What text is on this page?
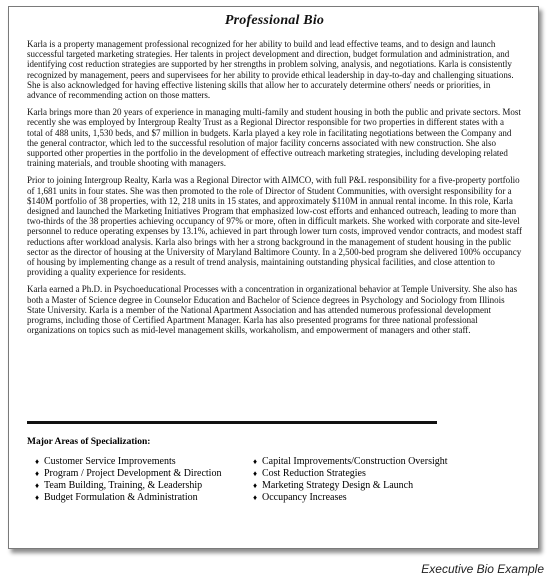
Professional Bio

Karla is a property management professional recognized for her ability to build and lead effective teams, and to design and launch successful targeted marketing strategies. Her talents in project development and direction, budget formulation and administration, and identifying cost reduction strategies are supported by her strengths in problem solving, analysis, and negotiations. Karla is consistently recognized by management, peers and supervisees for her ability to provide ethical leadership in day-to-day and challenging situations. She is also acknowledged for having effective listening skills that allow her to accurately determine others' needs or priorities, in advance of recommending action on those matters.

Karla brings more than 20 years of experience in managing multi-family and student housing in both the public and private sectors. Most recently she was employed by Intergroup Realty Trust as a Regional Director responsible for two properties in different states with a total of 488 units, 1,530 beds, and $7 million in budgets. Karla played a key role in facilitating negotiations between the Company and the general contractor, which led to the successful resolution of major facility concerns associated with new construction. She also supported other properties in the portfolio in the development of effective outreach marketing strategies, including developing related training materials, and trouble shooting with managers.

Prior to joining Intergroup Realty, Karla was a Regional Director with AIMCO, with full P&L responsibility for a five-property portfolio of 1,681 units in four states. She was then promoted to the role of Director of Student Communities, with oversight responsibility for a $140M portfolio of 38 properties, with 12, 218 units in 15 states, and approximately $110M in annual rental income. In this role, Karla designed and launched the Marketing Initiatives Program that emphasized low-cost efforts and enhanced outreach, leading to more than two-thirds of the 38 properties achieving occupancy of 97% or more, often in difficult markets. She worked with corporate and site-level personnel to reduce operating expenses by 13.1%, achieved in part through lower turn costs, improved vendor contracts, and modest staff reductions after workload analysis. Karla also brings with her a strong background in the management of student housing in the public sector as the director of housing at the University of Maryland Baltimore County. In a 2,500-bed program she delivered 100% occupancy of housing by implementing change as a result of trend analysis, maintaining outstanding physical facilities, and close attention to providing a quality experience for residents.

Karla earned a Ph.D. in Psychoeducational Processes with a concentration in organizational behavior at Temple University. She also has both a Master of Science degree in Counselor Education and Bachelor of Science degrees in Psychology and Sociology from Illinois State University. Karla is a member of the National Apartment Association and has attended numerous professional development programs, including those of Certified Apartment Manager. Karla has also presented programs for three national professional organizations on topics such as mid-level management skills, workaholism, and empowerment of managers and other staff.

Major Areas of Specialization:
♦ Customer Service Improvements	♦ Capital Improvements/Construction Oversight
♦ Program / Project Development & Direction	♦ Cost Reduction Strategies
♦ Team Building, Training, & Leadership	♦ Marketing Strategy Design & Launch
♦ Budget Formulation & Administration	♦ Occupancy Increases
Executive Bio Example
